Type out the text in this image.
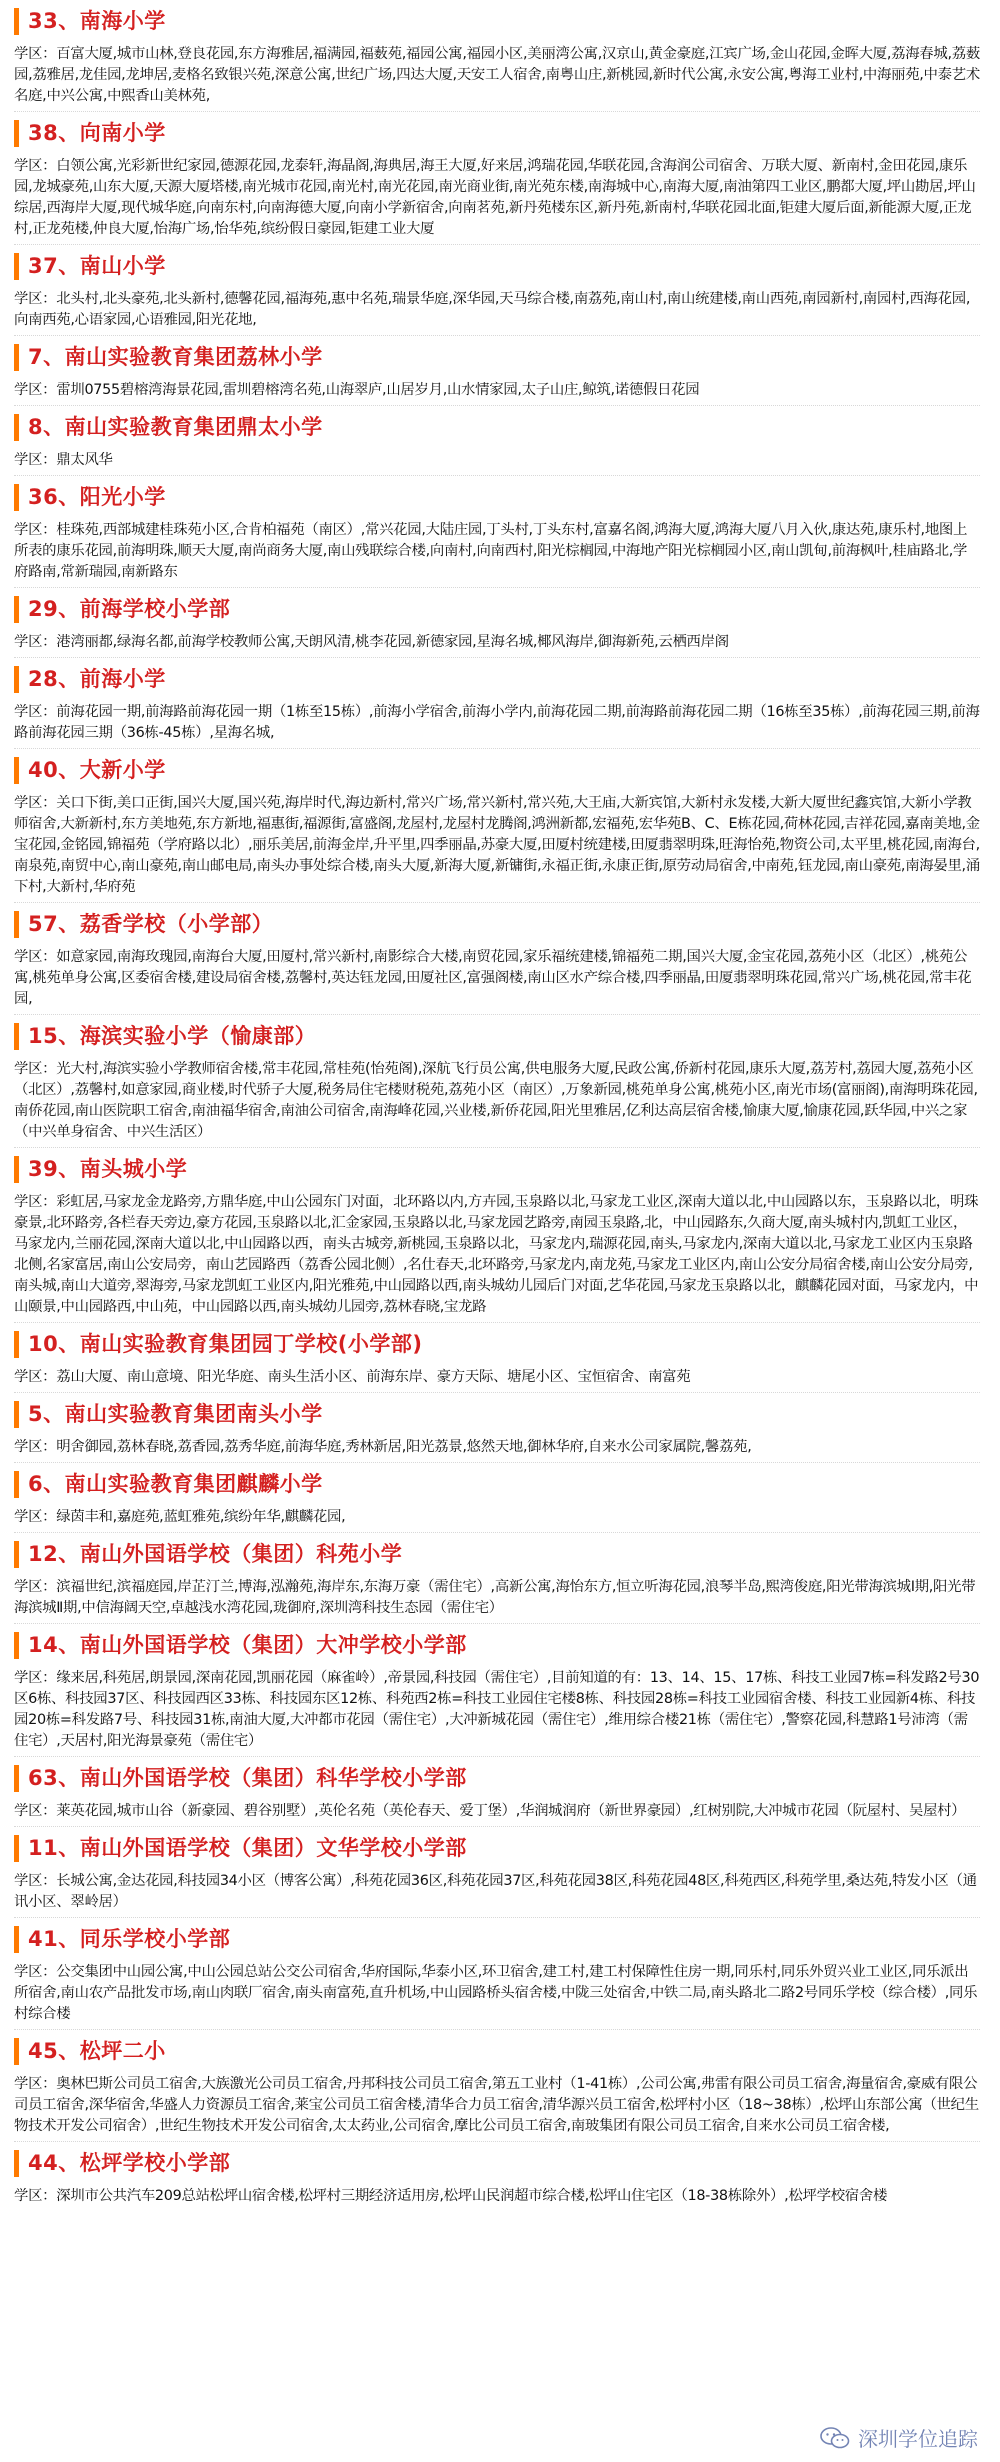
33、南海小学
学区：百富大厦,城市山林,登良花园,东方海雅居,福满园,福薮苑,福园公寓,福园小区,美丽湾公寓,汉京山,黄金豪庭,江宾广场,金山花园,金晖大厦,荔海春城,荔薮园,荔雅居,龙佳园,龙坤居,麦格名致银兴苑,深意公寓,世纪广场,四达大厦,天安工人宿舍,南粤山庄,新桃园,新时代公寓,永安公寓,粤海工业村,中海丽苑,中泰艺术名庭,中兴公寓,中熙香山美林苑,
38、向南小学
学区：白领公寓,光彩新世纪家园,德源花园,龙泰轩,海晶阁,海典居,海王大厦,好来居,鸿瑞花园,华联花园,含海润公司宿舍、万联大厦、新南村,金田花园,康乐园,龙城豪苑,山东大厦,天源大厦塔楼,南光城市花园,南光村,南光花园,南光商业街,南光苑东楼,南海城中心,南海大厦,南油第四工业区,鹏都大厦,坪山勘居,坪山综居,西海岸大厦,现代城华庭,向南东村,向南海德大厦,向南小学新宿舍,向南茗苑,新丹苑楼东区,新丹苑,新南村,华联花园北面,钜建大厦后面,新能源大厦,正龙村,正龙苑楼,仲良大厦,怡海广场,怡华苑,缤纷假日豪园,钜建工业大厦
37、南山小学
学区：北头村,北头豪苑,北头新村,德馨花园,福海苑,惠中名苑,瑞景华庭,深华园,天马综合楼,南荔苑,南山村,南山统建楼,南山西苑,南园新村,南园村,西海花园,向南西苑,心语家园,心语雅园,阳光花地,
7、南山实验教育集团荔林小学
学区：雷圳0755碧榕湾海景花园,雷圳碧榕湾名苑,山海翠庐,山居岁月,山水情家园,太子山庄,鲸筑,诺德假日花园
8、南山实验教育集团鼎太小学
学区：鼎太风华
36、阳光小学
学区：桂珠苑,西部城建桂珠苑小区,合肯柏福苑（南区）,常兴花园,大陆庄园,丁头村,丁头东村,富嘉名阁,鸿海大厦,鸿海大厦八月入伙,康达苑,康乐村,地图上所表的康乐花园,前海明珠,顺天大厦,南尚商务大厦,南山残联综合楼,向南村,向南西村,阳光棕榈园,中海地产阳光棕榈园小区,南山凯甸,前海枫叶,桂庙路北,学府路南,常新瑞园,南新路东
29、前海学校小学部
学区：港湾丽都,绿海名都,前海学校教师公寓,天朗风清,桃李花园,新德家园,星海名城,椰风海岸,御海新苑,云栖西岸阁
28、前海小学
学区：前海花园一期,前海路前海花园一期（1栋至15栋）,前海小学宿舍,前海小学内,前海花园二期,前海路前海花园二期（16栋至35栋）,前海花园三期,前海路前海花园三期（36栋-45栋）,星海名城,
40、大新小学
学区：关口下街,美口正街,国兴大厦,国兴苑,海岸时代,海边新村,常兴广场,常兴新村,常兴苑,大王庙,大新宾馆,大新村永发楼,大新大厦世纪鑫宾馆,大新小学教师宿舍,大新新村,东方美地苑,东方新地,福惠街,福源街,富盛阁,龙屋村,龙屋村龙腾阁,鸿洲新都,宏福苑,宏华苑B、C、E栋花园,荷林花园,吉祥花园,嘉南美地,金宝花园,金铭园,锦福苑（学府路以北）,丽乐美居,前海金岸,升平里,四季丽晶,苏豪大厦,田厦村统建楼,田厦翡翠明珠,旺海怡苑,物资公司,太平里,桃花园,南海台,南泉苑,南贸中心,南山豪苑,南山邮电局,南头办事处综合楼,南头大厦,新海大厦,新镛街,永福正街,永康正街,原劳动局宿舍,中南苑,钰龙园,南山豪苑,南海晏里,涌下村,大新村,华府苑
57、荔香学校（小学部）
学区：如意家园,南海玫瑰园,南海台大厦,田厦村,常兴新村,南影综合大楼,南贸花园,家乐福统建楼,锦福苑二期,国兴大厦,金宝花园,荔苑小区（北区）,桃苑公寓,桃苑单身公寓,区委宿舍楼,建设局宿舍楼,荔馨村,英达钰龙园,田厦社区,富强阁楼,南山区水产综合楼,四季丽晶,田厦翡翠明珠花园,常兴广场,桃花园,常丰花园,
15、海滨实验小学（愉康部）
学区：光大村,海滨实验小学教师宿舍楼,常丰花园,常桂苑(怡苑阁),深航飞行员公寓,供电服务大厦,民政公寓,侨新村花园,康乐大厦,荔芳村,荔园大厦,荔苑小区（北区）,荔馨村,如意家园,商业楼,时代骄子大厦,税务局住宅楼财税苑,荔苑小区（南区）,万象新园,桃苑单身公寓,桃苑小区,南光市场(富丽阁),南海明珠花园,南侨花园,南山医院职工宿舍,南油福华宿舍,南油公司宿舍,南海峰花园,兴业楼,新侨花园,阳光里雅居,亿利达高层宿舍楼,愉康大厦,愉康花园,跃华园,中兴之家（中兴单身宿舍、中兴生活区）
39、南头城小学
学区：彩虹居,马家龙金龙路旁,方鼎华庭,中山公园东门对面，北环路以内,方卉园,玉泉路以北,马家龙工业区,深南大道以北,中山园路以东，玉泉路以北，明珠豪景,北环路旁,各栏春天旁边,豪方花园,玉泉路以北,汇金家园,玉泉路以北,马家龙园艺路旁,南园玉泉路,北，中山园路东,久商大厦,南头城村内,凯虹工业区，马家龙内,兰丽花园,深南大道以北,中山园路以西，南头古城旁,新桃园,玉泉路以北，马家龙内,瑞源花园,南头,马家龙内,深南大道以北,马家龙工业区内玉泉路北侧,名家富居,南山公安局旁，南山艺园路西（荔香公园北侧）,名仕春天,北环路旁,马家龙内,南龙苑,马家龙工业区内,南山公安分局宿舍楼,南山公安分局旁,南头城,南山大道旁,翠海旁,马家龙凯虹工业区内,阳光雅苑,中山园路以西,南头城幼儿园后门对面,艺华花园,马家龙玉泉路以北，麒麟花园对面，马家龙内，中山颐景,中山园路西,中山苑，中山园路以西,南头城幼儿园旁,荔林春晓,宝龙路
10、南山实验教育集团园丁学校(小学部)
学区：荔山大厦、南山意境、阳光华庭、南头生活小区、前海东岸、豪方天际、塘尾小区、宝恒宿舍、南富苑
5、南山实验教育集团南头小学
学区：明舍御园,荔林春晓,荔香园,荔秀华庭,前海华庭,秀林新居,阳光荔景,悠然天地,御林华府,自来水公司家属院,馨荔苑,
6、南山实验教育集团麒麟小学
学区：绿茵丰和,嘉庭苑,蓝虹雅苑,缤纷年华,麒麟花园,
12、南山外国语学校（集团）科苑小学
学区：滨福世纪,滨福庭园,岸芷汀兰,博海,泓瀚苑,海岸东,东海万豪（需住宅）,高新公寓,海怡东方,恒立听海花园,浪琴半岛,熙湾俊庭,阳光带海滨城Ⅰ期,阳光带海滨城Ⅱ期,中信海阔天空,卓越浅水湾花园,珑御府,深圳湾科技生态园（需住宅）
14、南山外国语学校（集团）大冲学校小学部
学区：缘来居,科苑居,朗景园,深南花园,凯丽花园（麻雀岭）,帝景园,科技园（需住宅）,目前知道的有：13、14、15、17栋、科技工业园7栋=科发路2号30区6栋、科技园37区、科技园西区33栋、科技园东区12栋、科苑西2栋=科技工业园住宅楼8栋、科技园28栋=科技工业园宿舍楼、科技工业园新4栋、科技园20栋=科发路7号、科技园31栋,南油大厦,大冲都市花园（需住宅）,大冲新城花园（需住宅）,维用综合楼21栋（需住宅）,警察花园,科慧路1号沛湾（需住宅）,天居村,阳光海景豪苑（需住宅）
63、南山外国语学校（集团）科华学校小学部
学区：莱英花园,城市山谷（新豪园、碧谷别墅）,英伦名苑（英伦春天、爱丁堡）,华润城润府（新世界豪园）,红树别院,大冲城市花园（阮屋村、吴屋村）
11、南山外国语学校（集团）文华学校小学部
学区：长城公寓,金达花园,科技园34小区（博客公寓）,科苑花园36区,科苑花园37区,科苑花园38区,科苑花园48区,科苑西区,科苑学里,桑达苑,特发小区（通讯小区、翠岭居）
41、同乐学校小学部
学区：公交集团中山园公寓,中山公园总站公交公司宿舍,华府国际,华泰小区,环卫宿舍,建工村,建工村保障性住房一期,同乐村,同乐外贸兴业工业区,同乐派出所宿舍,南山农产品批发市场,南山肉联厂宿舍,南头南富苑,直升机场,中山园路桥头宿舍楼,中陇三处宿舍,中铁二局,南头路北二路2号同乐学校（综合楼）,同乐村综合楼
45、松坪二小
学区：奥林巴斯公司员工宿舍,大族激光公司员工宿舍,丹邦科技公司员工宿舍,第五工业村（1-41栋）,公司公寓,弗雷有限公司员工宿舍,海量宿舍,豪威有限公司员工宿舍,深华宿舍,华盛人力资源员工宿舍,莱宝公司员工宿舍楼,清华合力员工宿舍,清华源兴员工宿舍,松坪村小区（18~38栋）,松坪山东部公寓（世纪生物技术开发公司宿舍）,世纪生物技术开发公司宿舍,太太药业,公司宿舍,摩比公司员工宿舍,南玻集团有限公司员工宿舍,自来水公司员工宿舍楼,
44、松坪学校小学部
学区：深圳市公共汽车209总站松坪山宿舍楼,松坪村三期经济适用房,松坪山民润超市综合楼,松坪山住宅区（18-38栋除外）,松坪学校宿舍楼
深圳学位追踪
